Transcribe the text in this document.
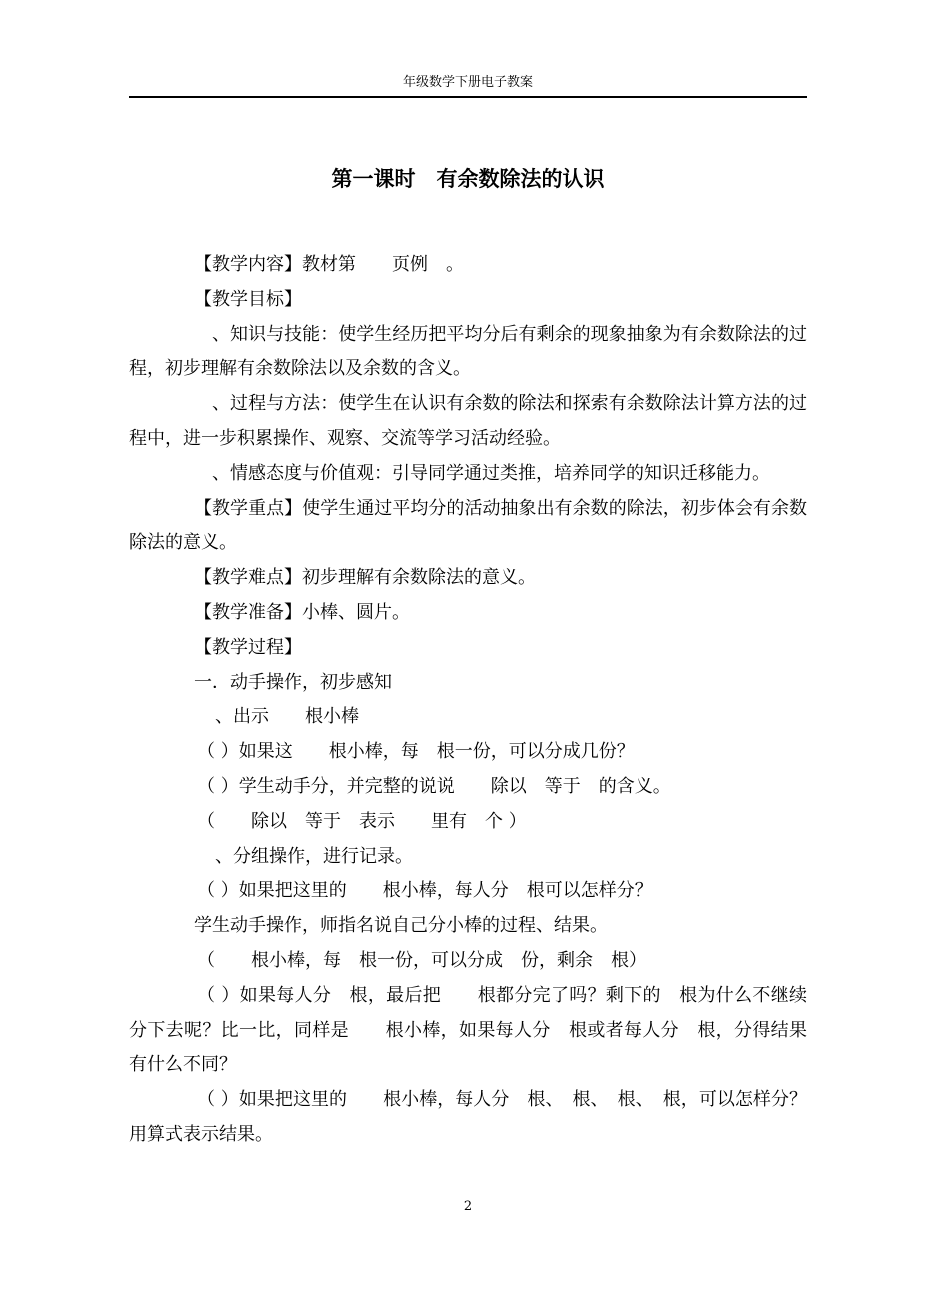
年级数学下册电子教案
第一课时　有余数除法的认识

【教学内容】教材第　　页例　。

【教学目标】

　、知识与技能：使学生经历把平均分后有剩余的现象抽象为有余数除法的过程，初步理解有余数除法以及余数的含义。

　、过程与方法：使学生在认识有余数的除法和探索有余数除法计算方法的过程中，进一步积累操作、观察、交流等学习活动经验。

　、情感态度与价值观：引导同学通过类推，培养同学的知识迁移能力。

【教学重点】使学生通过平均分的活动抽象出有余数的除法，初步体会有余数除法的意义。

【教学难点】初步理解有余数除法的意义。

【教学准备】小棒、圆片。

【教学过程】

一．动手操作，初步感知

　、出示　　根小棒

（ ）如果这　　根小棒，每　根一份，可以分成几份？

（ ）学生动手分，并完整的说说　　除以　等于　的含义。

（　　除以　等于　表示　　里有　个 ）

　、分组操作，进行记录。

（ ）如果把这里的　　根小棒，每人分　根可以怎样分？

学生动手操作，师指名说自己分小棒的过程、结果。

（　　根小棒，每　根一份，可以分成　份，剩余　根）

（ ）如果每人分　根，最后把　　根都分完了吗？剩下的　根为什么不继续分下去呢？比一比，同样是　　根小棒，如果每人分　根或者每人分　根，分得结果有什么不同？

（ ）如果把这里的　　根小棒，每人分　根、　根、　根、　根，可以怎样分？用算式表示结果。

2
